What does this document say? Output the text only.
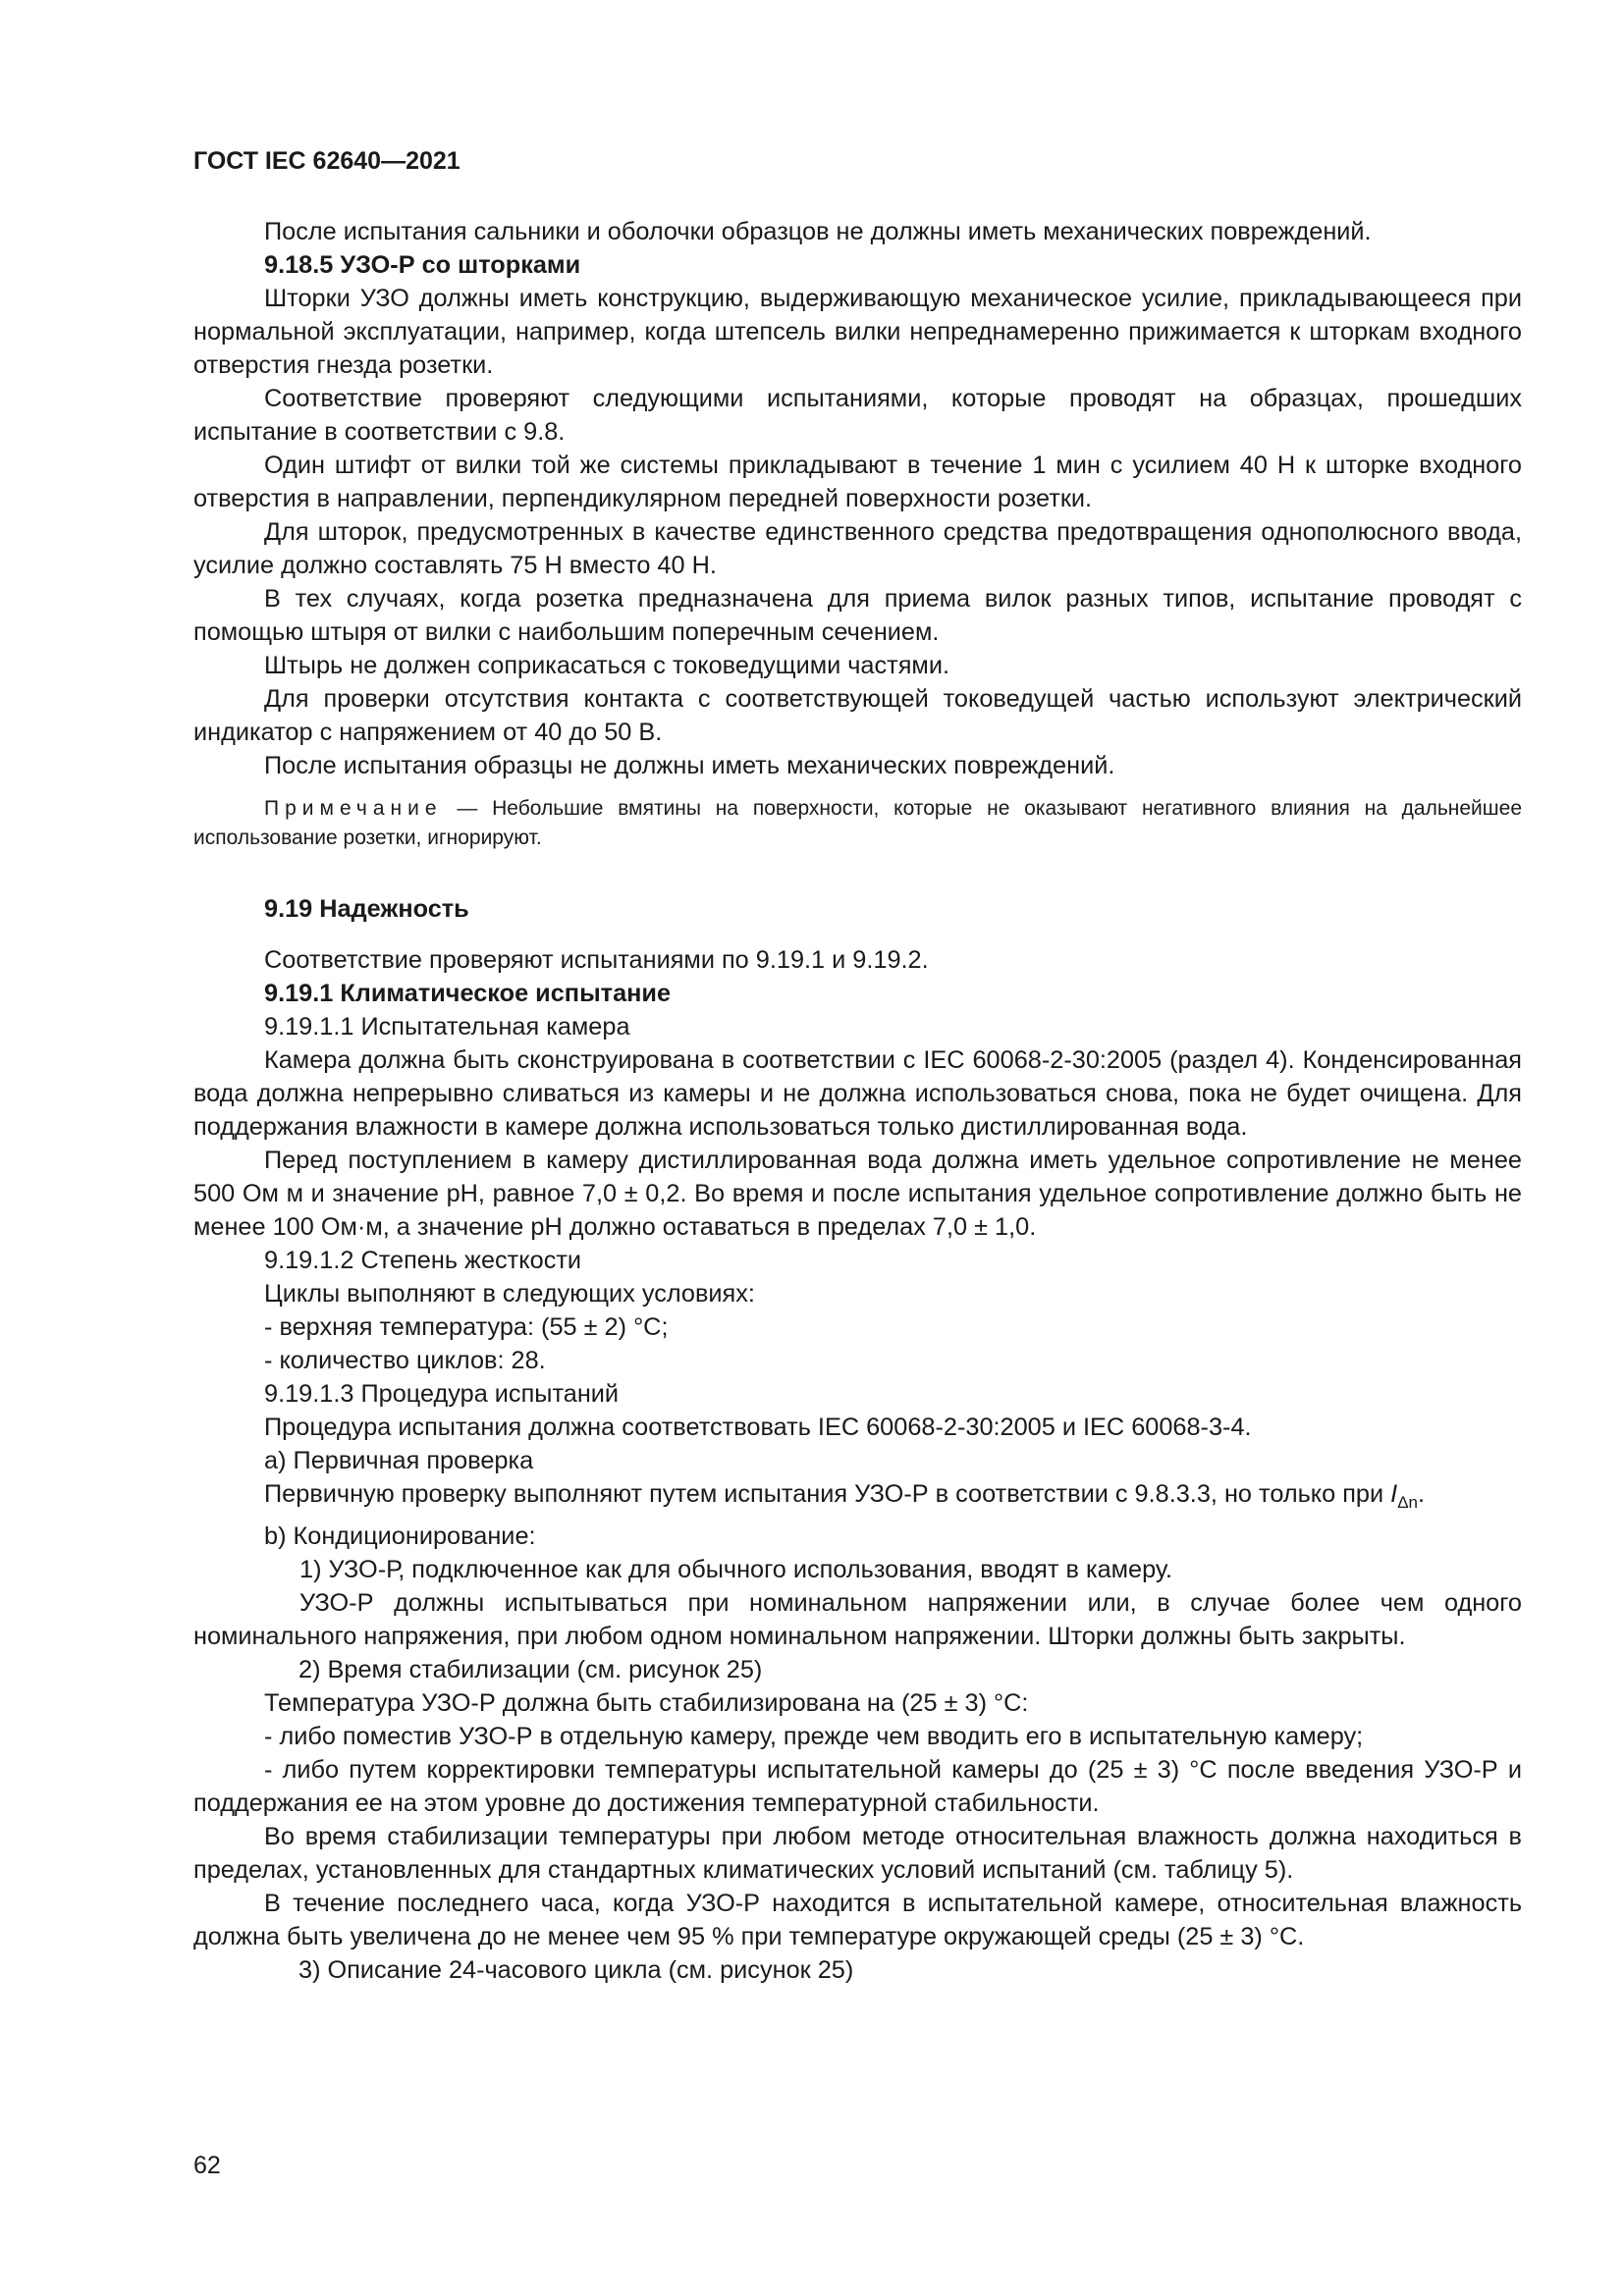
ГОСТ IEC 62640—2021

После испытания сальники и оболочки образцов не должны иметь механических повреждений.

9.18.5 УЗО-Р со шторками

Шторки УЗО должны иметь конструкцию, выдерживающую механическое усилие, прикладывающееся при нормальной эксплуатации, например, когда штепсель вилки непреднамеренно прижимается к шторкам входного отверстия гнезда розетки.

Соответствие проверяют следующими испытаниями, которые проводят на образцах, прошедших испытание в соответствии с 9.8.

Один штифт от вилки той же системы прикладывают в течение 1 мин с усилием 40 Н к шторке входного отверстия в направлении, перпендикулярном передней поверхности розетки.

Для шторок, предусмотренных в качестве единственного средства предотвращения однополюсного ввода, усилие должно составлять 75 Н вместо 40 Н.

В тех случаях, когда розетка предназначена для приема вилок разных типов, испытание проводят с помощью штыря от вилки с наибольшим поперечным сечением.

Штырь не должен соприкасаться с токоведущими частями.

Для проверки отсутствия контакта с соответствующей токоведущей частью используют электрический индикатор с напряжением от 40 до 50 В.

После испытания образцы не должны иметь механических повреждений.

Примечание — Небольшие вмятины на поверхности, которые не оказывают негативного влияния на дальнейшее использование розетки, игнорируют.

9.19 Надежность

Соответствие проверяют испытаниями по 9.19.1 и 9.19.2.

9.19.1 Климатическое испытание

9.19.1.1 Испытательная камера

Камера должна быть сконструирована в соответствии с IEC 60068-2-30:2005 (раздел 4). Конденсированная вода должна непрерывно сливаться из камеры и не должна использоваться снова, пока не будет очищена. Для поддержания влажности в камере должна использоваться только дистиллированная вода.

Перед поступлением в камеру дистиллированная вода должна иметь удельное сопротивление не менее 500 Ом м и значение pH, равное 7,0 ± 0,2. Во время и после испытания удельное сопротивление должно быть не менее 100 Ом·м, а значение pH должно оставаться в пределах 7,0 ± 1,0.

9.19.1.2 Степень жесткости

Циклы выполняют в следующих условиях:

- верхняя температура: (55 ± 2) °С;

- количество циклов: 28.

9.19.1.3 Процедура испытаний

Процедура испытания должна соответствовать IEC 60068-2-30:2005 и IEC 60068-3-4.

a) Первичная проверка

Первичную проверку выполняют путем испытания УЗО-Р в соответствии с 9.8.3.3, но только при $I_{\Delta n}$.

b) Кондиционирование:

1) УЗО-Р, подключенное как для обычного использования, вводят в камеру.

УЗО-Р должны испытываться при номинальном напряжении или, в случае более чем одного номинального напряжения, при любом одном номинальном напряжении. Шторки должны быть закрыты.

2) Время стабилизации (см. рисунок 25)

Температура УЗО-Р должна быть стабилизирована на (25 ± 3) °С:

- либо поместив УЗО-Р в отдельную камеру, прежде чем вводить его в испытательную камеру;

- либо путем корректировки температуры испытательной камеры до (25 ± 3) °С после введения УЗО-Р и поддержания ее на этом уровне до достижения температурной стабильности.

Во время стабилизации температуры при любом методе относительная влажность должна находиться в пределах, установленных для стандартных климатических условий испытаний (см. таблицу 5).

В течение последнего часа, когда УЗО-Р находится в испытательной камере, относительная влажность должна быть увеличена до не менее чем 95 % при температуре окружающей среды (25 ± 3) °С.

3) Описание 24-часового цикла (см. рисунок 25)

62
